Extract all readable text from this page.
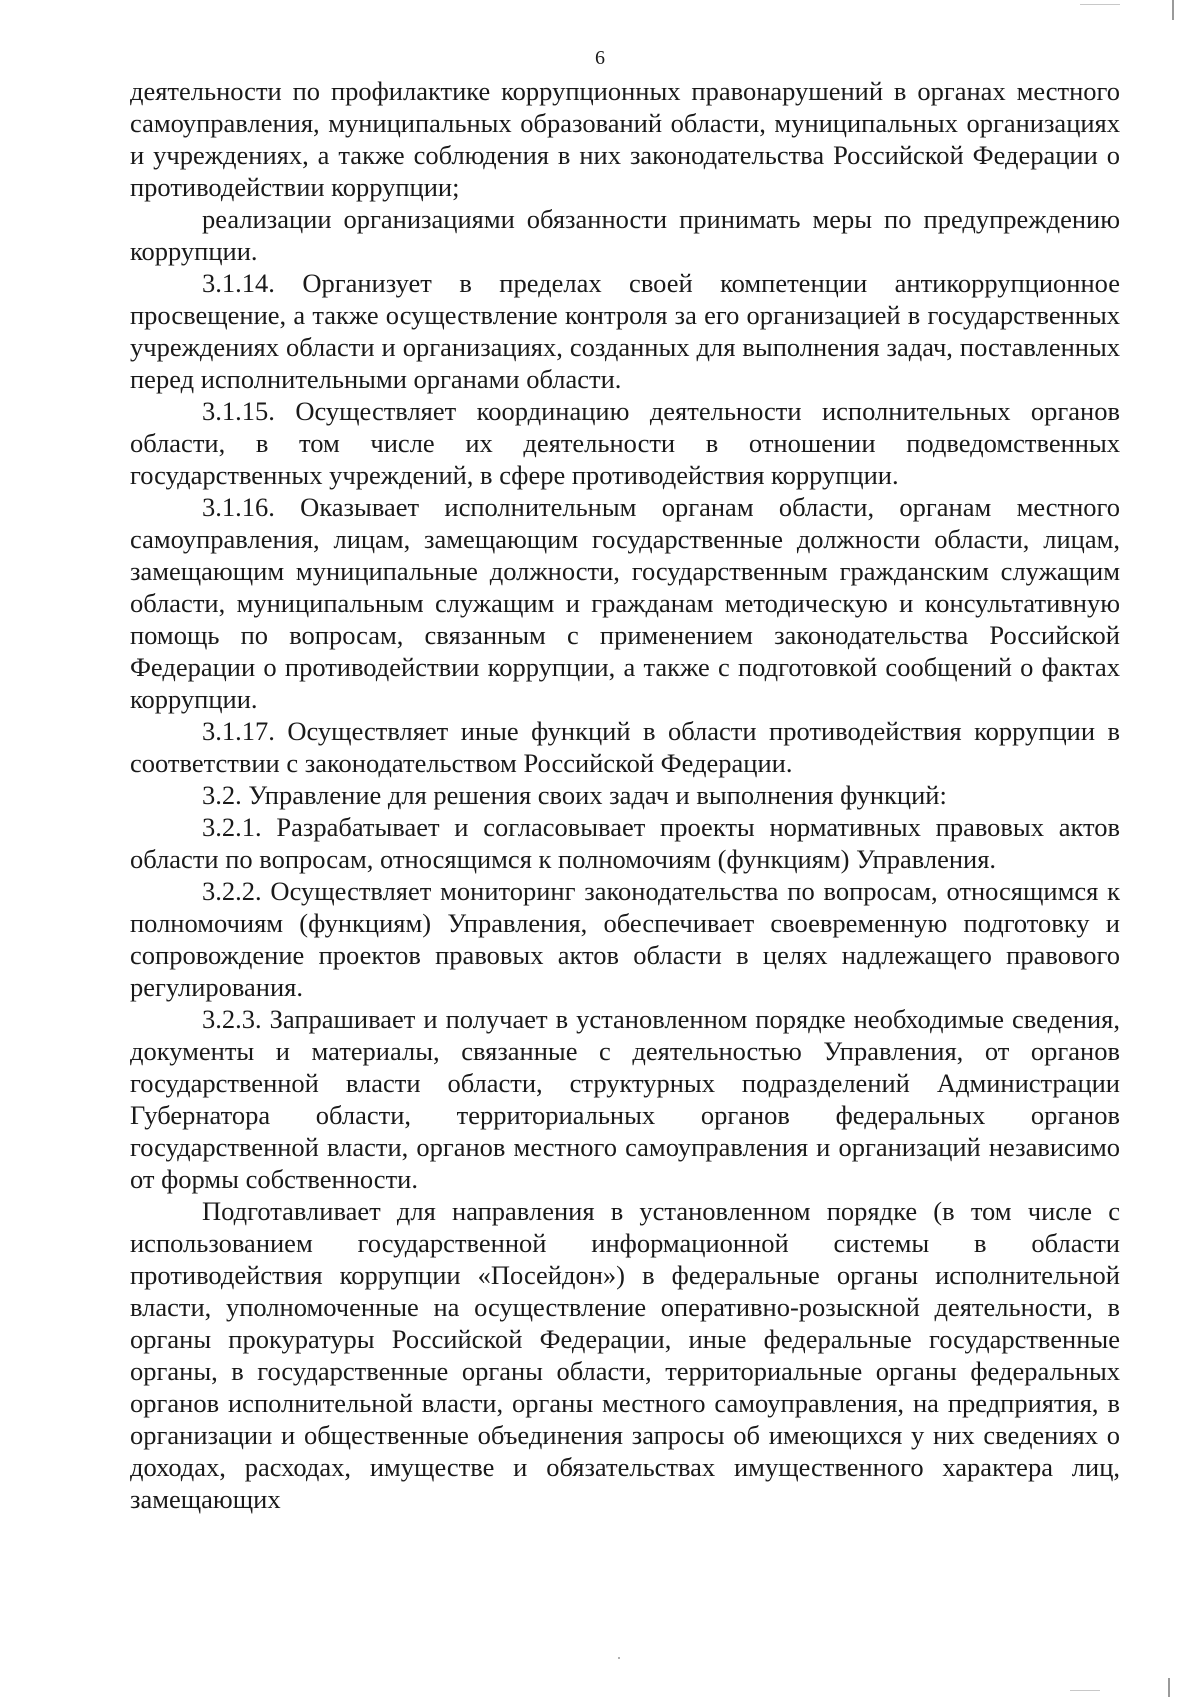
6

деятельности по профилактике коррупционных правонарушений в органах местного самоуправления, муниципальных образований области, муниципальных организациях и учреждениях, а также соблюдения в них законодательства Российской Федерации о противодействии коррупции;

реализации организациями обязанности принимать меры по предупреждению коррупции.

3.1.14. Организует в пределах своей компетенции антикоррупционное просвещение, а также осуществление контроля за его организацией в государственных учреждениях области и организациях, созданных для выполнения задач, поставленных перед исполнительными органами области.

3.1.15. Осуществляет координацию деятельности исполнительных органов области, в том числе их деятельности в отношении подведомственных государственных учреждений, в сфере противодействия коррупции.

3.1.16. Оказывает исполнительным органам области, органам местного самоуправления, лицам, замещающим государственные должности области, лицам, замещающим муниципальные должности, государственным гражданским служащим области, муниципальным служащим и гражданам методическую и консультативную помощь по вопросам, связанным с применением законодательства Российской Федерации о противодействии коррупции, а также с подготовкой сообщений о фактах коррупции.

3.1.17. Осуществляет иные функций в области противодействия коррупции в соответствии с законодательством Российской Федерации.

3.2. Управление для решения своих задач и выполнения функций:

3.2.1. Разрабатывает и согласовывает проекты нормативных правовых актов области по вопросам, относящимся к полномочиям (функциям) Управления.

3.2.2. Осуществляет мониторинг законодательства по вопросам, относящимся к полномочиям (функциям) Управления, обеспечивает своевременную подготовку и сопровождение проектов правовых актов области в целях надлежащего правового регулирования.

3.2.3. Запрашивает и получает в установленном порядке необходимые сведения, документы и материалы, связанные с деятельностью Управления, от органов государственной власти области, структурных подразделений Администрации Губернатора области, территориальных органов федеральных органов государственной власти, органов местного самоуправления и организаций независимо от формы собственности.

Подготавливает для направления в установленном порядке (в том числе с использованием государственной информационной системы в области противодействия коррупции «Посейдон») в федеральные органы исполнительной власти, уполномоченные на осуществление оперативно-розыскной деятельности, в органы прокуратуры Российской Федерации, иные федеральные государственные органы, в государственные органы области, территориальные органы федеральных органов исполнительной власти, органы местного самоуправления, на предприятия, в организации и общественные объединения запросы об имеющихся у них сведениях о доходах, расходах, имуществе и обязательствах имущественного характера лиц, замещающих
